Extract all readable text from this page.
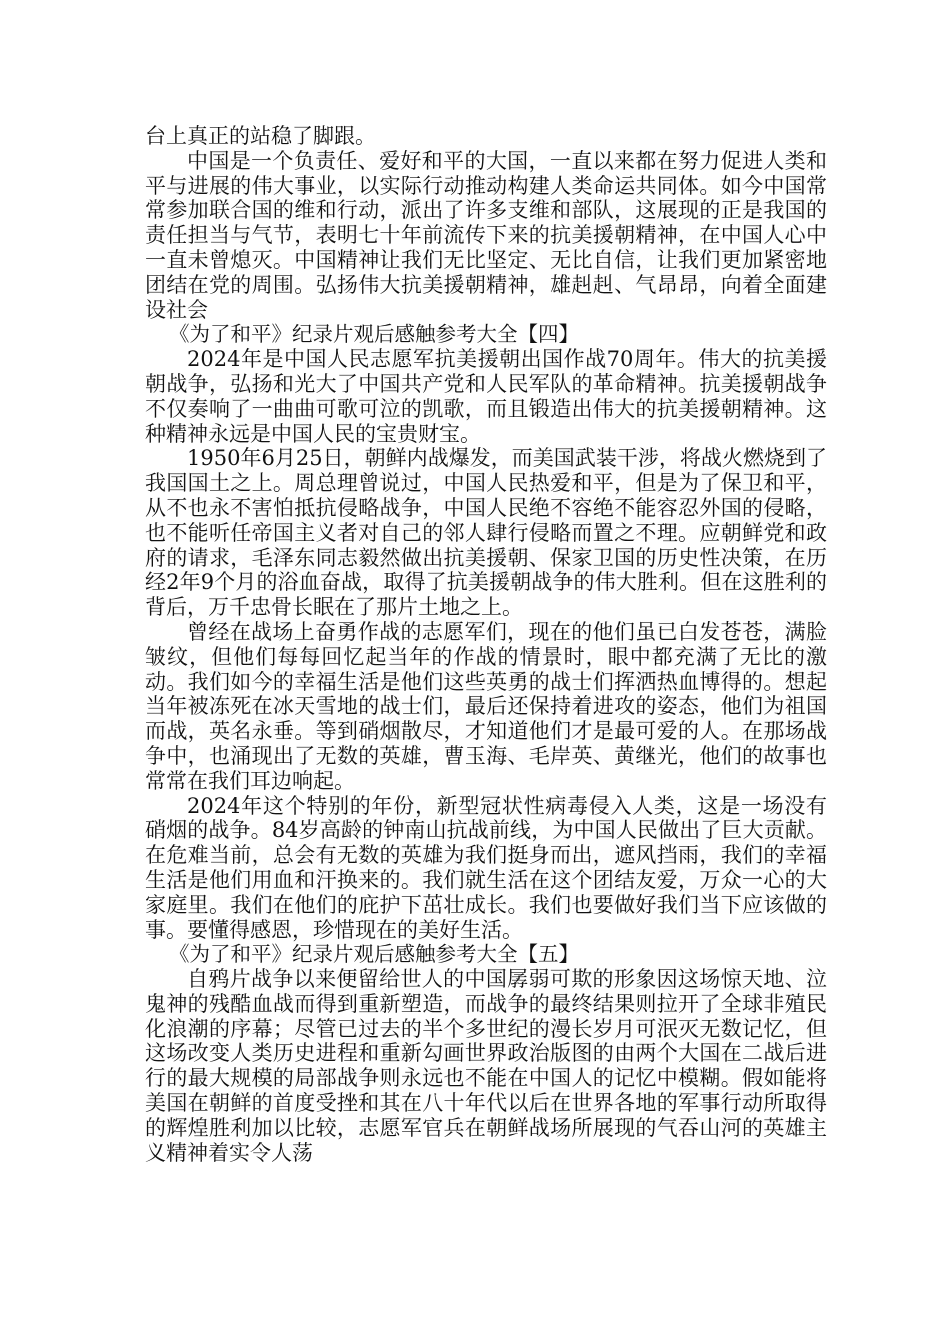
台上真正的站稳了脚跟。

中国是一个负责任、爱好和平的大国，一直以来都在努力促进人类和平与进展的伟大事业，以实际行动推动构建人类命运共同体。如今中国常常参加联合国的维和行动，派出了许多支维和部队，这展现的正是我国的责任担当与气节，表明七十年前流传下来的抗美援朝精神，在中国人心中一直未曾熄灭。中国精神让我们无比坚定、无比自信，让我们更加紧密地团结在党的周围。弘扬伟大抗美援朝精神，雄赳赳、气昂昂，向着全面建设社会

《为了和平》纪录片观后感触参考大全【四】

2024年是中国人民志愿军抗美援朝出国作战70周年。伟大的抗美援朝战争，弘扬和光大了中国共产党和人民军队的革命精神。抗美援朝战争不仅奏响了一曲曲可歌可泣的凯歌，而且锻造出伟大的抗美援朝精神。这种精神永远是中国人民的宝贵财宝。

1950年6月25日，朝鲜内战爆发，而美国武装干涉，将战火燃烧到了我国国土之上。周总理曾说过，中国人民热爱和平，但是为了保卫和平，从不也永不害怕抵抗侵略战争，中国人民绝不容绝不能容忍外国的侵略，也不能听任帝国主义者对自己的邻人肆行侵略而置之不理。应朝鲜党和政府的请求，毛泽东同志毅然做出抗美援朝、保家卫国的历史性决策，在历经2年9个月的浴血奋战，取得了抗美援朝战争的伟大胜利。但在这胜利的背后，万千忠骨长眠在了那片土地之上。

曾经在战场上奋勇作战的志愿军们，现在的他们虽已白发苍苍，满脸皱纹，但他们每每回忆起当年的作战的情景时，眼中都充满了无比的激动。我们如今的幸福生活是他们这些英勇的战士们挥洒热血博得的。想起当年被冻死在冰天雪地的战士们，最后还保持着进攻的姿态，他们为祖国而战，英名永垂。等到硝烟散尽，才知道他们才是最可爱的人。在那场战争中，也涌现出了无数的英雄，曹玉海、毛岸英、黄继光，他们的故事也常常在我们耳边响起。

2024年这个特别的年份，新型冠状性病毒侵入人类，这是一场没有硝烟的战争。84岁高龄的钟南山抗战前线，为中国人民做出了巨大贡献。在危难当前，总会有无数的英雄为我们挺身而出，遮风挡雨，我们的幸福生活是他们用血和汗换来的。我们就生活在这个团结友爱，万众一心的大家庭里。我们在他们的庇护下茁壮成长。我们也要做好我们当下应该做的事。要懂得感恩，珍惜现在的美好生活。

《为了和平》纪录片观后感触参考大全【五】

自鸦片战争以来便留给世人的中国孱弱可欺的形象因这场惊天地、泣鬼神的残酷血战而得到重新塑造，而战争的最终结果则拉开了全球非殖民化浪潮的序幕；尽管已过去的半个多世纪的漫长岁月可泯灭无数记忆，但这场改变人类历史进程和重新勾画世界政治版图的由两个大国在二战后进行的最大规模的局部战争则永远也不能在中国人的记忆中模糊。假如能将美国在朝鲜的首度受挫和其在八十年代以后在世界各地的军事行动所取得的辉煌胜利加以比较，志愿军官兵在朝鲜战场所展现的气吞山河的英雄主义精神着实令人荡
